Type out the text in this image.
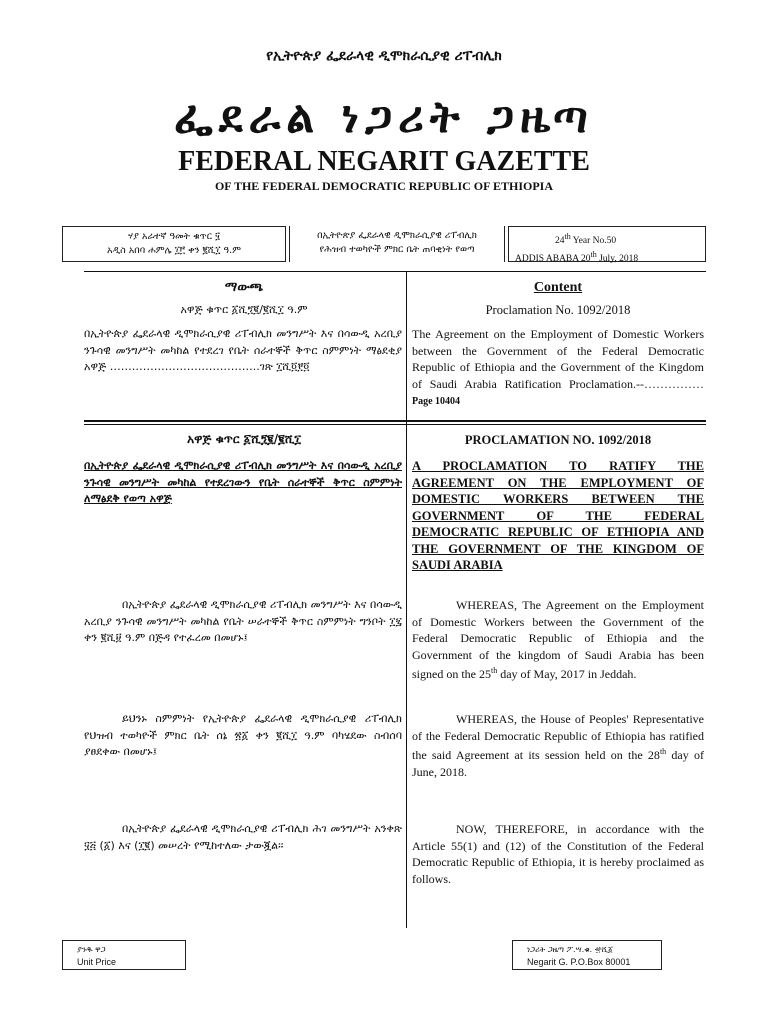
የኢትዮጵያ ፌደራላዊ ዲሞክራሲያዊ ሪፐብሊክ
ፌደራል ነጋሪት ጋዜጣ
FEDERAL NEGARIT GAZETTE
OF THE FEDERAL DEMOCRATIC REPUBLIC OF ETHIOPIA
ሃያ አራተኛ ዓመት ቁጥር ፶
አዲስ አበባ ሐምሌ ፲፫ ቀን ፪ሺ፲ ዓ.ም
በኢትዮጵያ ፌደራላዊ ዲሞክራሲያዊ ሪፐብሊክ
የሕዝብ ተወካዮች ምክር ቤት ጠባቂነት የወጣ
24th Year No.50
ADDIS ABABA 20th July, 2018
ማውጫ
አዋጅ ቁጥር ፩ሺ፺፪/፪ሺ፲ ዓ.ም
በኢትዮጵያ ፌደራላዊ ዲሞክራሲያዊ ሪፐብሊክ መንግሥት እና በሳውዲ አረቢያ ንጉሳዊ መንግሥት መካከል የተደረገ የቤት ሰራተኞች ቅጥር ስምምነት ማፅደቂያ አዋጅ …………………………………..ገጽ ፲ሺ፬፻፬
Content
Proclamation No. 1092/2018
The Agreement on the Employment of Domestic Workers between the Government of the Federal Democratic Republic of Ethiopia and the Government of the Kingdom of Saudi Arabia Ratification Proclamation.--……………Page 10404
አዋጅ ቁጥር ፩ሺ፺፪/፪ሺ፲
በኢትዮጵያ ፌደራላዊ ዲሞክራሲያዊ ሪፐብሊክ መንግሥት እና በሳውዲ አረቢያ ንጉሳዊ መንግሥት መካከል የተደረገውን የቤት ሰራተኞች ቅጥር ስምምነት ለማፅደቅ የወጣ አዋጅ
በኢትዮጵያ ፌደራላዊ ዲሞክራሲያዊ ሪፐብሊክ መንግሥት እና በሳውዲ አረቢያ ንጉሳዊ መንግሥት መካከል የቤት ሠራተኞች ቅጥር ስምምነት ግንቦት ፲፯ ቀን ፪ሺ፱ ዓ.ም በጅዳ የተፈረመ በመሆኑ፤
ይህንኑ ስምምነት የኢትዮጵያ ፌደራላዊ ዲሞክራሲያዊ ሪፐብሊክ የህዝብ ተወካዮች ምክር ቤት ሰኔ ፳፩ ቀን ፪ሺ፲ ዓ.ም ባካሄደው ስብሰባ ያፀደቀው በመሆኑ፤
በኢትዮጵያ ፌደራላዊ ዲሞክራሲያዊ ሪፐብሊክ ሕገ መንግሥት አንቀጽ ፶፭ (፩) እና (፲፪) መሠረት የሚከተለው ታውጇል፡፡
PROCLAMATION NO. 1092/2018
A PROCLAMATION TO RATIFY THE AGREEMENT ON THE EMPLOYMENT OF DOMESTIC WORKERS BETWEEN THE GOVERNMENT OF THE FEDERAL DEMOCRATIC REPUBLIC OF ETHIOPIA AND THE GOVERNMENT OF THE KINGDOM OF SAUDI ARABIA
WHEREAS, The Agreement on the Employment of Domestic Workers between the Government of the Federal Democratic Republic of Ethiopia and the Government of the kingdom of Saudi Arabia has been signed on the 25th day of May, 2017 in Jeddah.
WHEREAS, the House of Peoples' Representative of the Federal Democratic Republic of Ethiopia has ratified the said Agreement at its session held on the 28th day of June, 2018.
NOW, THEREFORE, in accordance with the Article 55(1) and (12) of the Constitution of the Federal Democratic Republic of Ethiopia, it is hereby proclaimed as follows.
ያንዱ ዋጋ
Unit Price
ነጋሪት ጋዜጣ ፖ.ሣ.ቁ. ፹ሺ፩
Negarit G. P.O.Box 80001
